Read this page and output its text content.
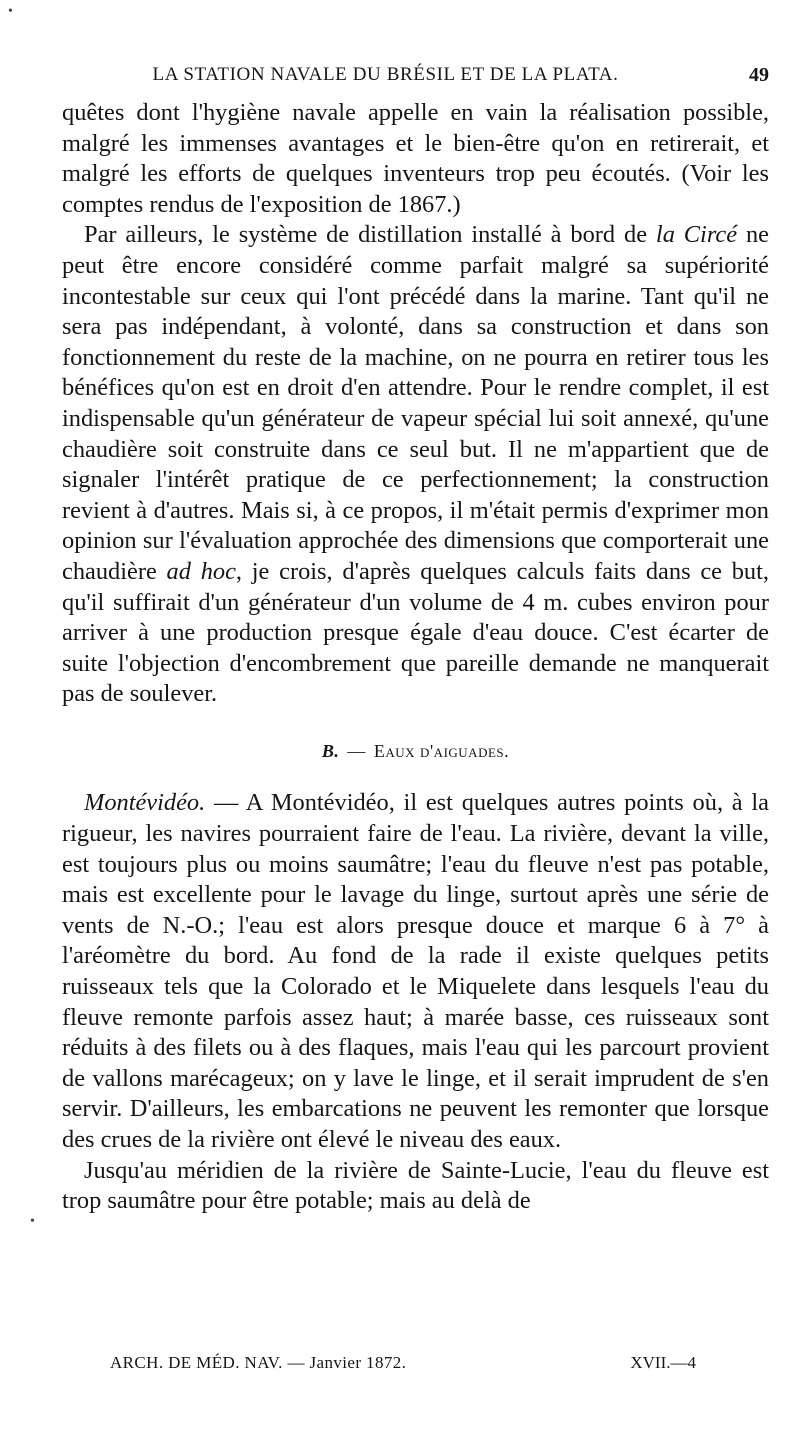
LA STATION NAVALE DU BRÉSIL ET DE LA PLATA.	49

quêtes dont l'hygiène navale appelle en vain la réalisation possible, malgré les immenses avantages et le bien-être qu'on en retirerait, et malgré les efforts de quelques inventeurs trop peu écoutés. (Voir les comptes rendus de l'exposition de 1867.)

Par ailleurs, le système de distillation installé à bord de la Circé ne peut être encore considéré comme parfait malgré sa supériorité incontestable sur ceux qui l'ont précédé dans la marine. Tant qu'il ne sera pas indépendant, à volonté, dans sa construction et dans son fonctionnement du reste de la machine, on ne pourra en retirer tous les bénéfices qu'on est en droit d'en attendre. Pour le rendre complet, il est indispensable qu'un générateur de vapeur spécial lui soit annexé, qu'une chaudière soit construite dans ce seul but. Il ne m'appartient que de signaler l'intérêt pratique de ce perfectionnement; la construction revient à d'autres. Mais si, à ce propos, il m'était permis d'exprimer mon opinion sur l'évaluation approchée des dimensions que comporterait une chaudière ad hoc, je crois, d'après quelques calculs faits dans ce but, qu'il suffirait d'un générateur d'un volume de 4 m. cubes environ pour arriver à une production presque égale d'eau douce. C'est écarter de suite l'objection d'encombrement que pareille demande ne manquerait pas de soulever.

B. — Eaux d'aiguades.

Montévidéo. — A Montévidéo, il est quelques autres points où, à la rigueur, les navires pourraient faire de l'eau. La rivière, devant la ville, est toujours plus ou moins saumâtre; l'eau du fleuve n'est pas potable, mais est excellente pour le lavage du linge, surtout après une série de vents de N.-O.; l'eau est alors presque douce et marque 6 à 7° à l'aréomètre du bord. Au fond de la rade il existe quelques petits ruisseaux tels que la Colorado et le Miquelete dans lesquels l'eau du fleuve remonte parfois assez haut; à marée basse, ces ruisseaux sont réduits à des filets ou à des flaques, mais l'eau qui les parcourt provient de vallons marécageux; on y lave le linge, et il serait imprudent de s'en servir. D'ailleurs, les embarcations ne peuvent les remonter que lorsque des crues de la rivière ont élevé le niveau des eaux.

Jusqu'au méridien de la rivière de Sainte-Lucie, l'eau du fleuve est trop saumâtre pour être potable; mais au delà de

ARCH. DE MÉD. NAV. — Janvier 1872.	XVII.—4
•
•
